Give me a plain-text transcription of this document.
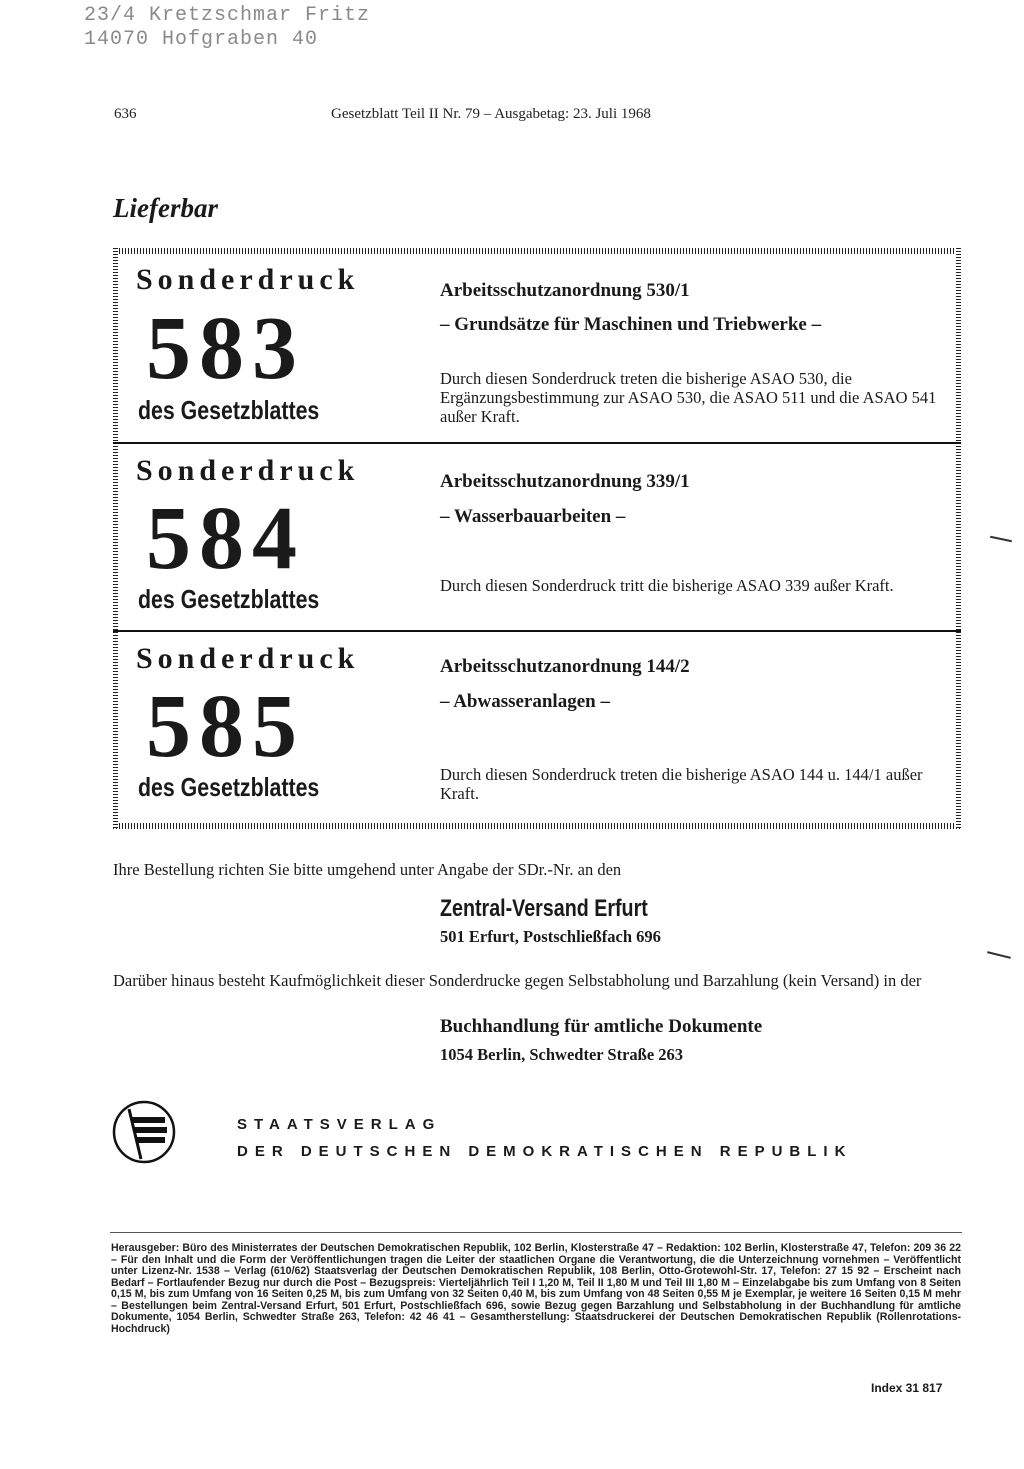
23/4 Kretzschmar Fritz
14070 Hofgraben 40
636	Gesetzblatt Teil II Nr. 79 – Ausgabetag: 23. Juli 1968
Lieferbar
Sonderdruck
583
des Gesetzblattes
Arbeitsschutzanordnung 530/1
– Grundsätze für Maschinen und Triebwerke –
Durch diesen Sonderdruck treten die bisherige ASAO 530, die Ergänzungsbestimmung zur ASAO 530, die ASAO 511 und die ASAO 541 außer Kraft.
Sonderdruck
584
des Gesetzblattes
Arbeitsschutzanordnung 339/1
– Wasserbauarbeiten –
Durch diesen Sonderdruck tritt die bisherige ASAO 339 außer Kraft.
Sonderdruck
585
des Gesetzblattes
Arbeitsschutzanordnung 144/2
– Abwasseranlagen –
Durch diesen Sonderdruck treten die bisherige ASAO 144 u. 144/1 außer Kraft.
Ihre Bestellung richten Sie bitte umgehend unter Angabe der SDr.-Nr. an den
Zentral-Versand Erfurt
501 Erfurt, Postschließfach 696
Darüber hinaus besteht Kaufmöglichkeit dieser Sonderdrucke gegen Selbstabholung und Barzahlung (kein Versand) in der
Buchhandlung für amtliche Dokumente
1054 Berlin, Schwedter Straße 263
STAATSVERLAG
DER DEUTSCHEN DEMOKRATISCHEN REPUBLIK
Herausgeber: Büro des Ministerrates der Deutschen Demokratischen Republik, 102 Berlin, Klosterstraße 47 – Redaktion: 102 Berlin, Klosterstraße 47, Telefon: 209 36 22 – Für den Inhalt und die Form der Veröffentlichungen tragen die Leiter der staatlichen Organe die Verantwortung, die die Unterzeichnung vornehmen – Veröffentlicht unter Lizenz-Nr. 1538 – Verlag (610/62) Staatsverlag der Deutschen Demokratischen Republik, 108 Berlin, Otto-Grotewohl-Str. 17, Telefon: 27 15 92 – Erscheint nach Bedarf – Fortlaufender Bezug nur durch die Post – Bezugspreis: Vierteljährlich Teil I 1,20 M, Teil II 1,80 M und Teil III 1,80 M – Einzelabgabe bis zum Umfang von 8 Seiten 0,15 M, bis zum Umfang von 16 Seiten 0,25 M, bis zum Umfang von 32 Seiten 0,40 M, bis zum Umfang von 48 Seiten 0,55 M je Exemplar, je weitere 16 Seiten 0,15 M mehr – Bestellungen beim Zentral-Versand Erfurt, 501 Erfurt, Postschließfach 696, sowie Bezug gegen Barzahlung und Selbstabholung in der Buchhandlung für amtliche Dokumente, 1054 Berlin, Schwedter Straße 263, Telefon: 42 46 41 – Gesamtherstellung: Staatsdruckerei der Deutschen Demokratischen Republik (Rollenrotations-Hochdruck)
Index 31 817
